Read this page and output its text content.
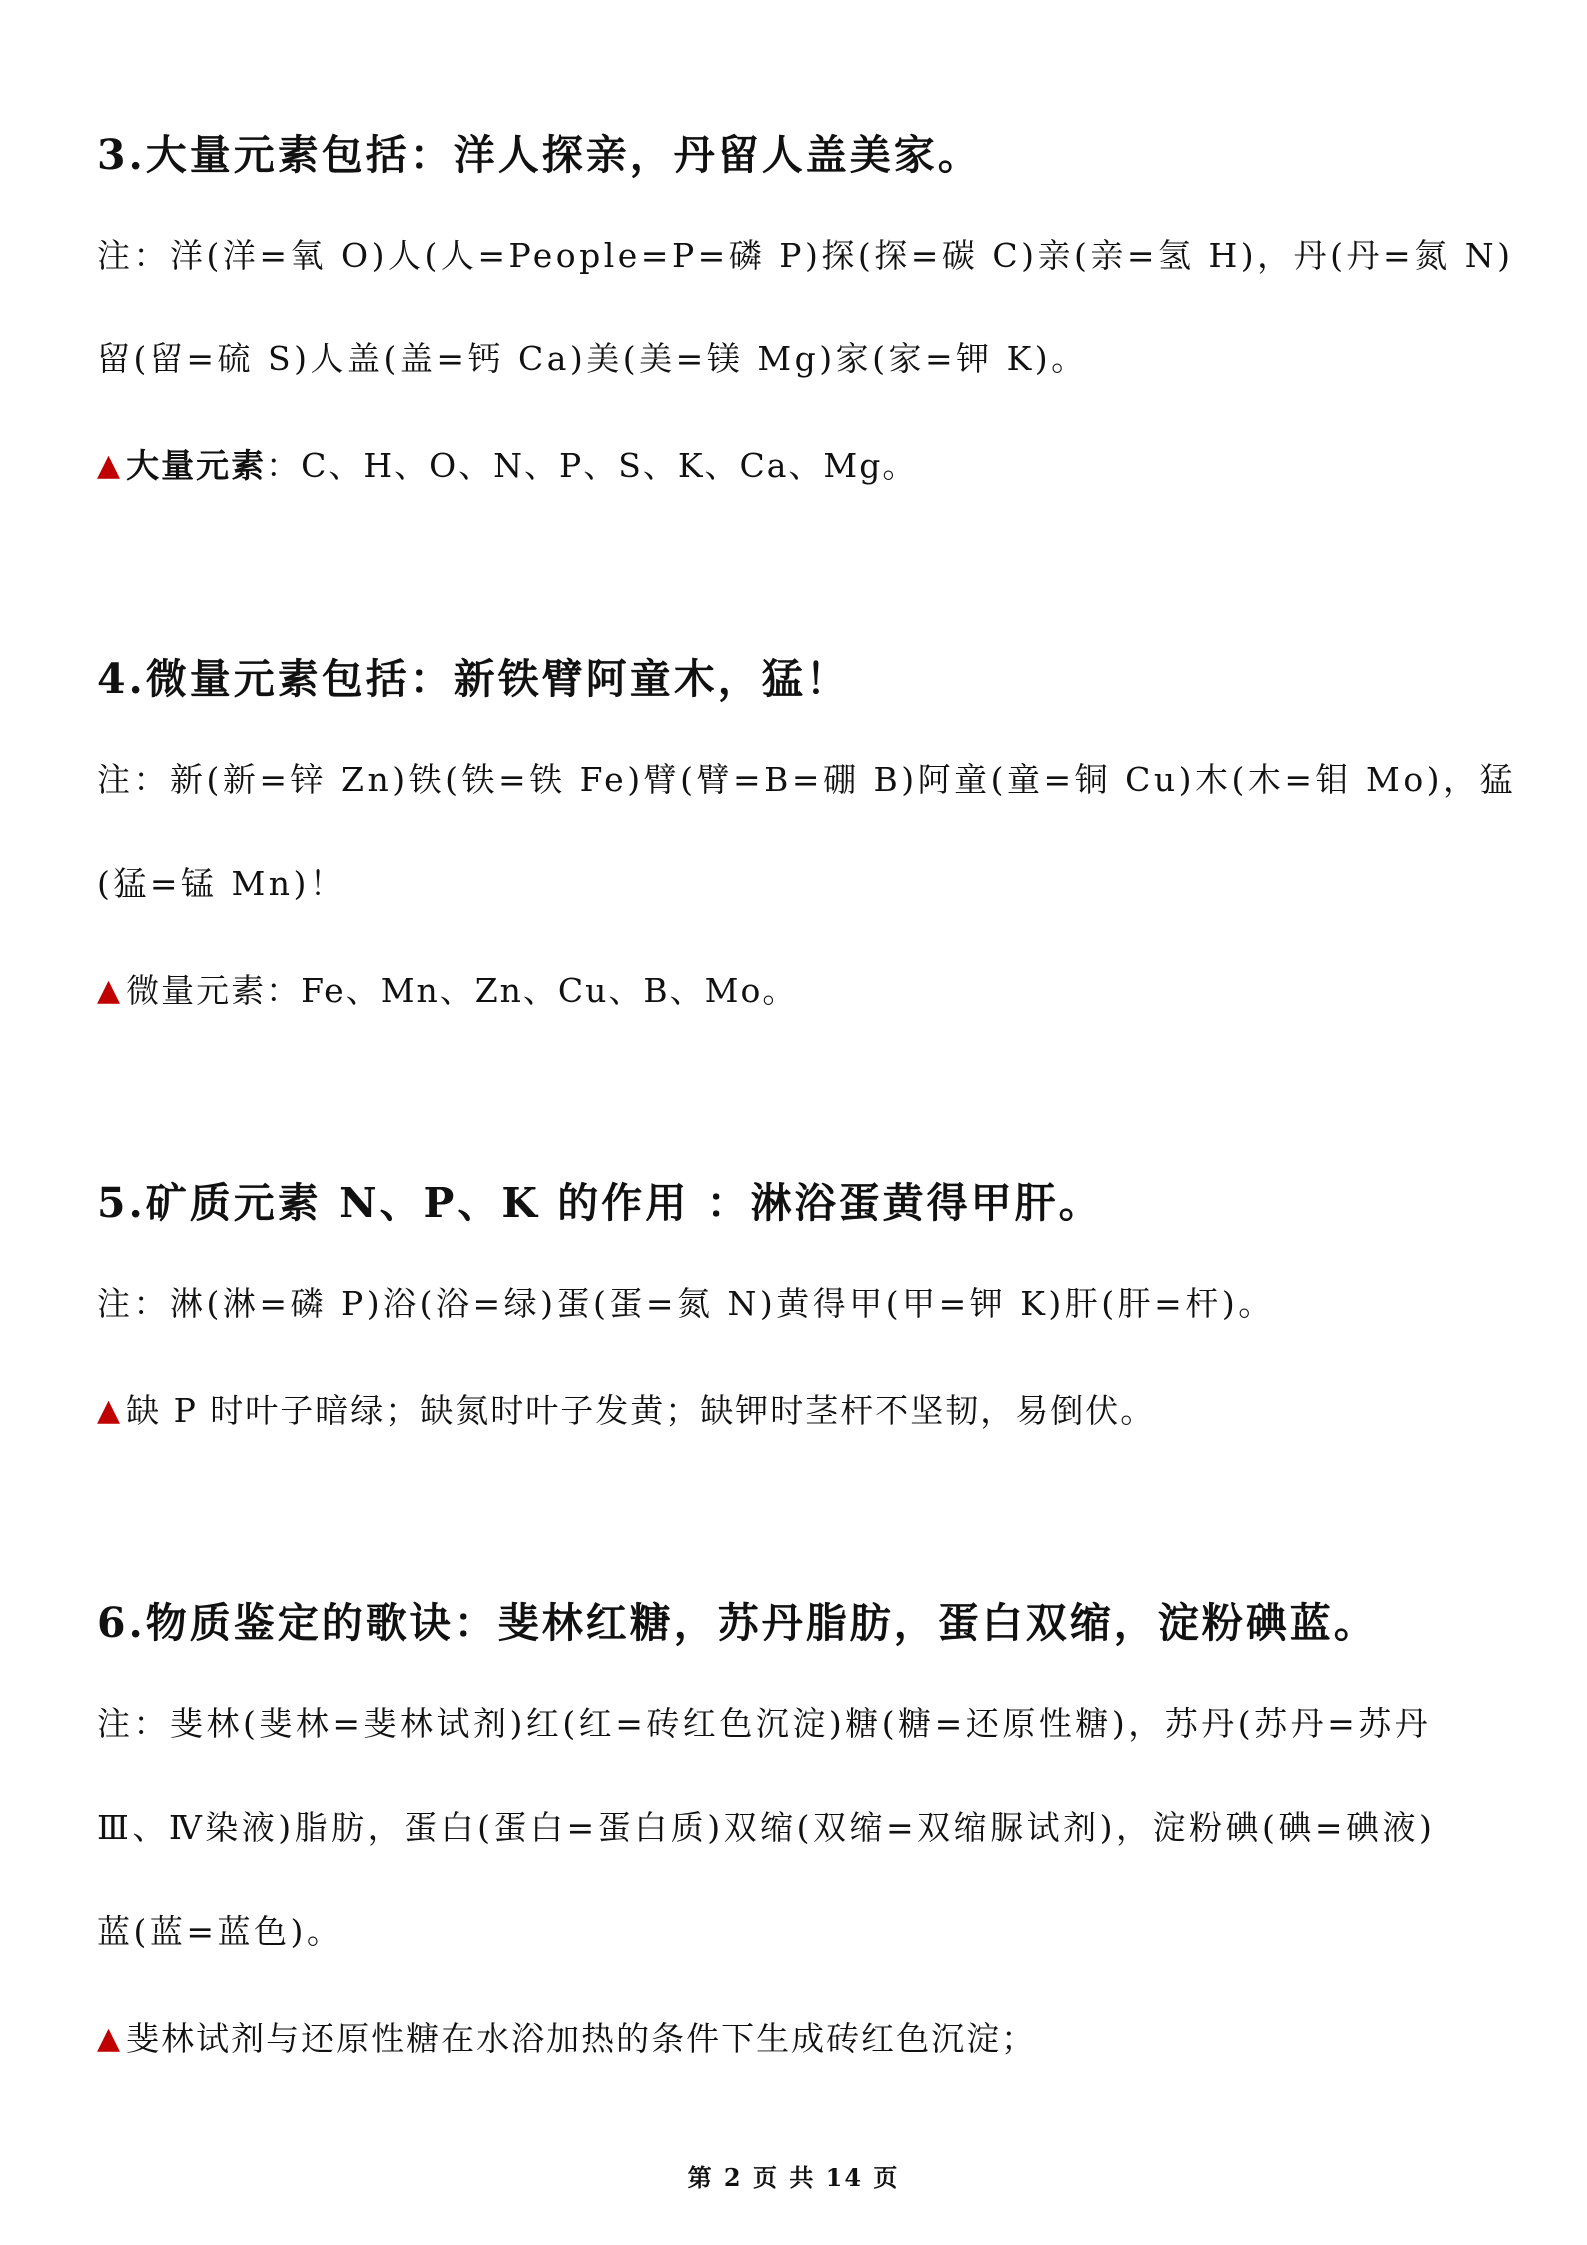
3.大量元素包括：洋人探亲，丹留人盖美家。
注：洋(洋=氧 O)人(人=People=P=磷 P)探(探=碳 C)亲(亲=氢 H)，丹(丹=氮 N)
留(留=硫 S)人盖(盖=钙 Ca)美(美=镁 Mg)家(家=钾 K)。
▲ 大量元素：C、H、O、N、P、S、K、Ca、Mg。
4.微量元素包括：新铁臂阿童木，猛！
注：新(新=锌 Zn)铁(铁=铁 Fe)臂(臂=B=硼 B)阿童(童=铜 Cu)木(木=钼 Mo)，猛
(猛=锰 Mn)！
▲ 微量元素：Fe、Mn、Zn、Cu、B、Mo。
5.矿质元素 N、P、K 的作用 ：淋浴蛋黄得甲肝。
注：淋(淋=磷 P)浴(浴=绿)蛋(蛋=氮 N)黄得甲(甲=钾 K)肝(肝=杆)。
▲ 缺 P 时叶子暗绿；缺氮时叶子发黄；缺钾时茎杆不坚韧，易倒伏。
6.物质鉴定的歌诀：斐林红糖，苏丹脂肪，蛋白双缩，淀粉碘蓝。
注：斐林(斐林=斐林试剂)红(红=砖红色沉淀)糖(糖=还原性糖)，苏丹(苏丹=苏丹
Ⅲ、Ⅳ染液)脂肪，蛋白(蛋白=蛋白质)双缩(双缩=双缩脲试剂)，淀粉碘(碘=碘液)
蓝(蓝=蓝色)。
▲ 斐林试剂与还原性糖在水浴加热的条件下生成砖红色沉淀；
第 2 页 共 14 页
